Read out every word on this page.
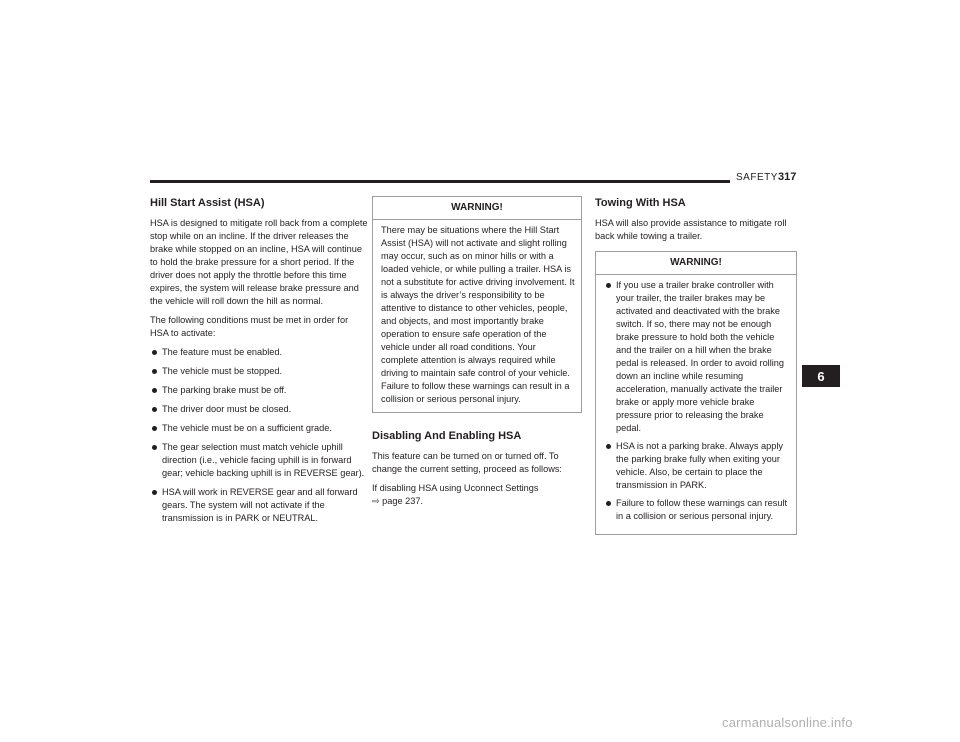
SAFETY 317
6
Hill Start Assist (HSA)

HSA is designed to mitigate roll back from a complete stop while on an incline. If the driver releases the brake while stopped on an incline, HSA will continue to hold the brake pressure for a short period. If the driver does not apply the throttle before this time expires, the system will release brake pressure and the vehicle will roll down the hill as normal.

The following conditions must be met in order for HSA to activate:

The feature must be enabled.
The vehicle must be stopped.
The parking brake must be off.
The driver door must be closed.
The vehicle must be on a sufficient grade.
The gear selection must match vehicle uphill direction (i.e., vehicle facing uphill is in forward gear; vehicle backing uphill is in REVERSE gear).
HSA will work in REVERSE gear and all forward gears. The system will not activate if the transmission is in PARK or NEUTRAL.
WARNING!

There may be situations where the Hill Start Assist (HSA) will not activate and slight rolling may occur, such as on minor hills or with a loaded vehicle, or while pulling a trailer. HSA is not a substitute for active driving involvement. It is always the driver’s responsibility to be attentive to distance to other vehicles, people, and objects, and most importantly brake operation to ensure safe operation of the vehicle under all road conditions. Your complete attention is always required while driving to maintain safe control of your vehicle. Failure to follow these warnings can result in a collision or serious personal injury.

Disabling And Enabling HSA

This feature can be turned on or turned off. To change the current setting, proceed as follows:

If disabling HSA using Uconnect Settings
⇨ page 237.

Towing With HSA

HSA will also provide assistance to mitigate roll back while towing a trailer.

WARNING!
If you use a trailer brake controller with your trailer, the trailer brakes may be activated and deactivated with the brake switch. If so, there may not be enough brake pressure to hold both the vehicle and the trailer on a hill when the brake pedal is released. In order to avoid rolling down an incline while resuming acceleration, manually activate the trailer brake or apply more vehicle brake pressure prior to releasing the brake pedal.
HSA is not a parking brake. Always apply the parking brake fully when exiting your vehicle. Also, be certain to place the transmission in PARK.
Failure to follow these warnings can result in a collision or serious personal injury.
carmanualsonline.info
